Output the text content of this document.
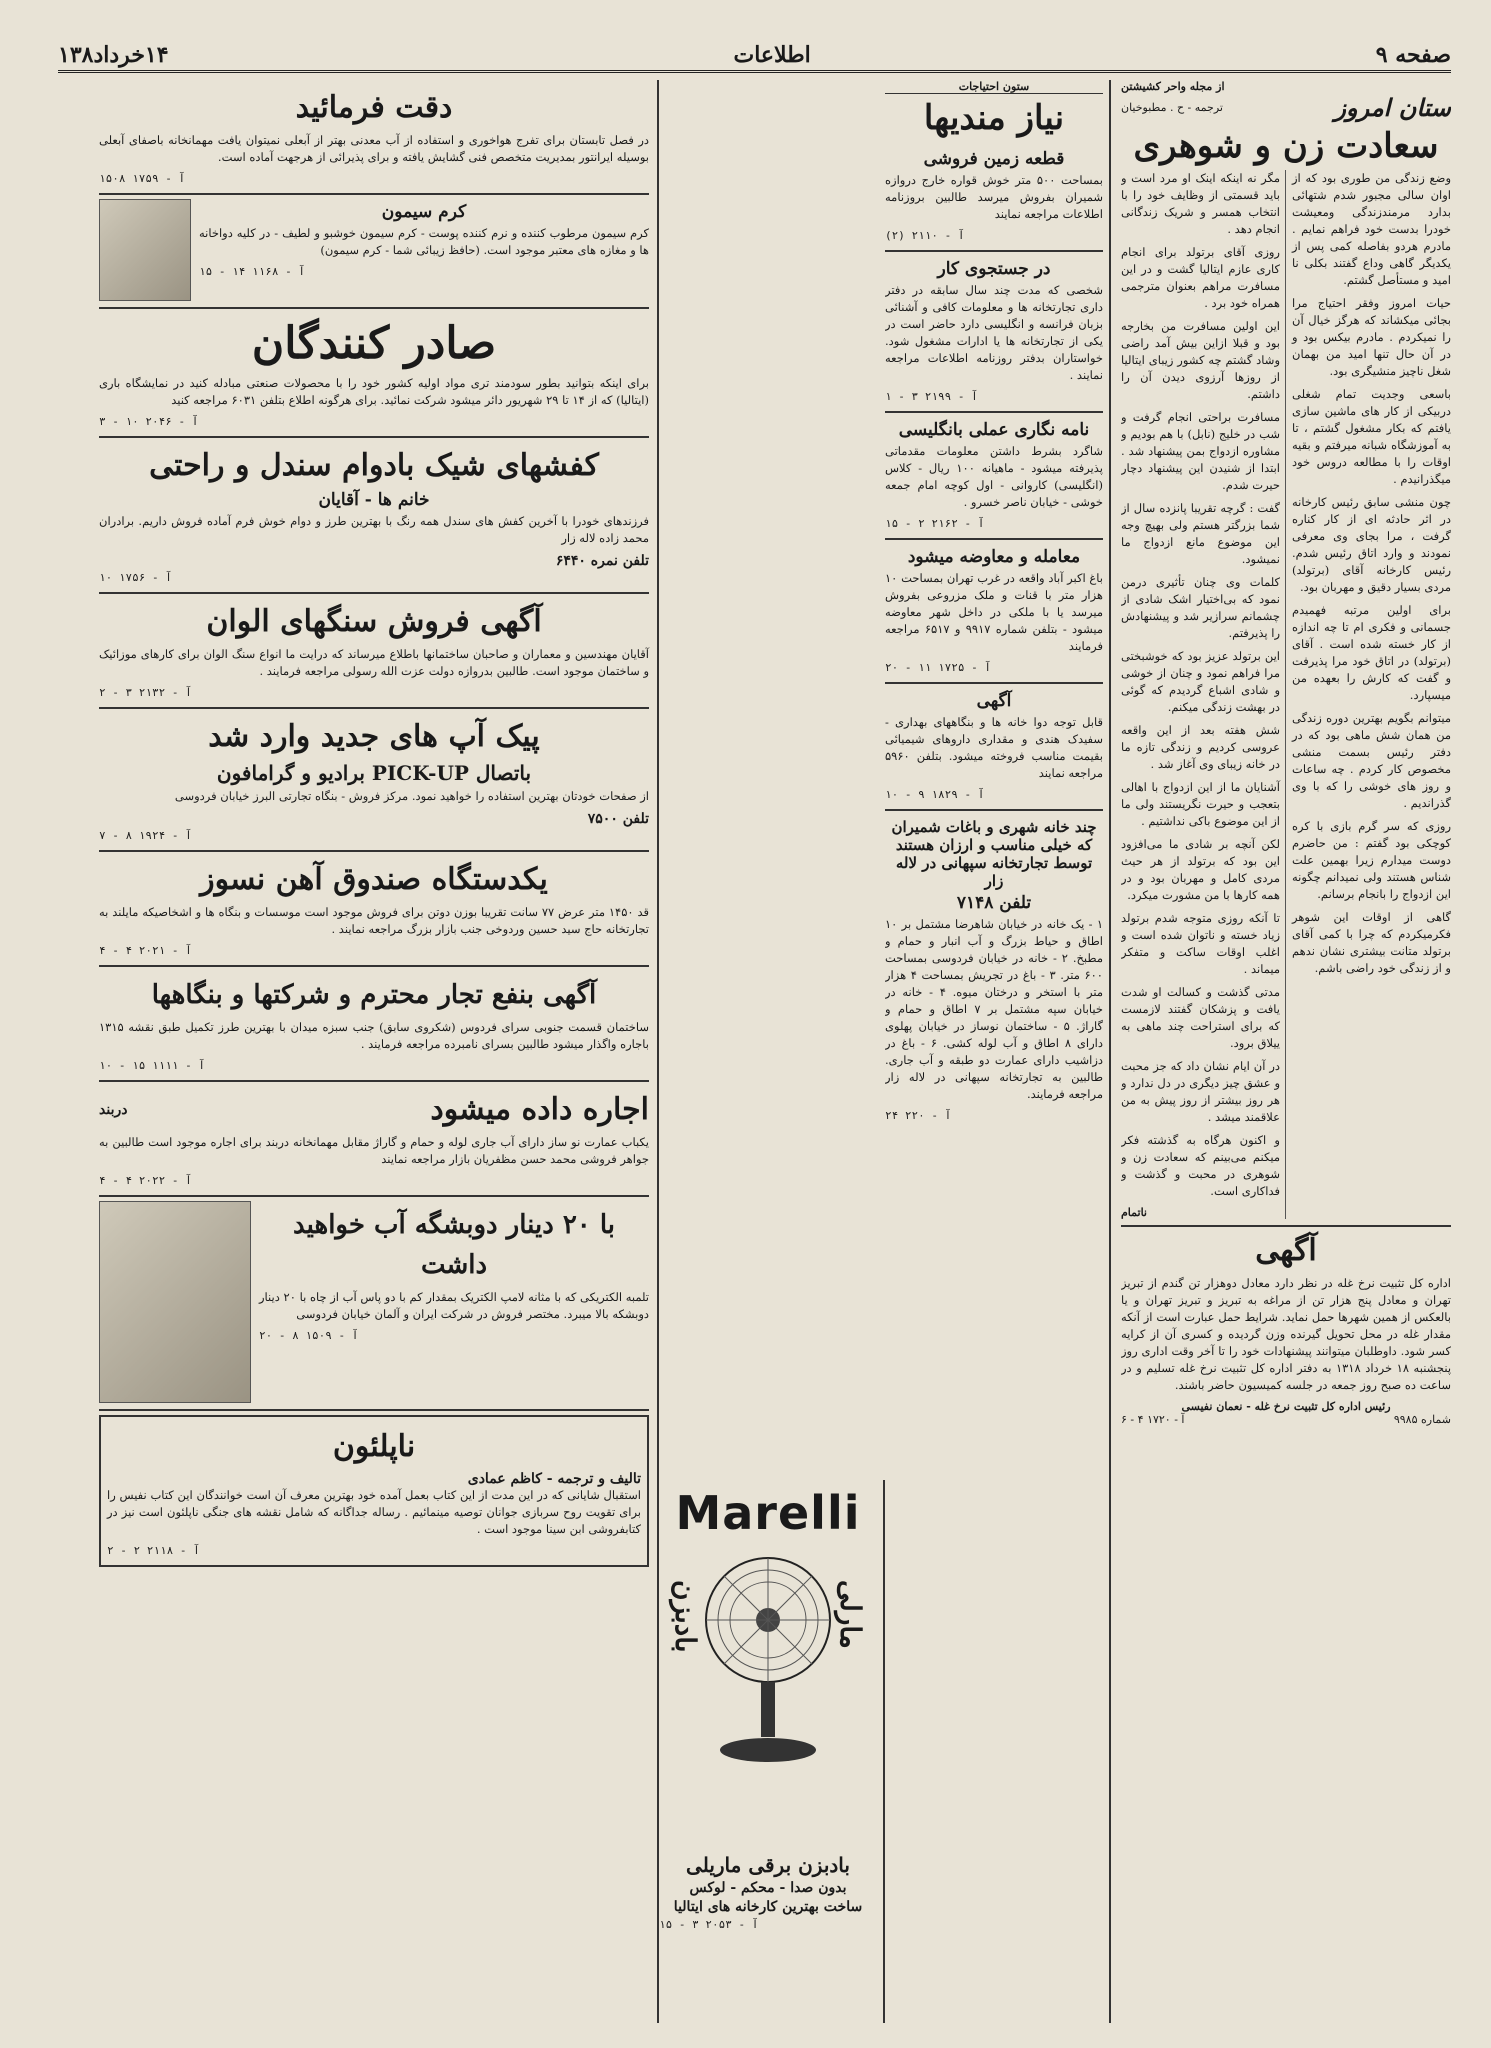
صفحه ۹
اطلاعات
۱۴خرداد۱۳۸
از مجله واحر کشیشتن
ستان امروز
ترجمه - ح . مطبوخیان
سعادت زن و شوهری

وضع زندگی من طوری بود که از اوان سالی مجبور شدم شتهائی بدارد مرمندزندگی ومعیشت خودرا بدست خود فراهم نمایم . مادرم هردو بفاصله کمی پس از یکدیگر گاهی وداع گفتند بکلی نا امید و مستأصل گشتم.

حیات امروز وفقر احتیاج مرا بجائی میکشاند که هرگز خیال آن را نمیکردم . مادرم بیکس بود و در آن حال تنها امید من بهمان شغل ناچیز منشیگری بود.

باسعی وجدیت تمام شغلی دربیکی از کار های ماشین سازی یافتم که بکار مشغول گشتم ، تا به آموزشگاه شبانه میرفتم و بقیه اوقات را با مطالعه دروس خود میگذرانیدم .

چون منشی سابق رئیس کارخانه در اثر حادثه ای از کار کناره گرفت ، مرا بجای وی معرفی نمودند و وارد اتاق رئیس شدم. رئیس کارخانه آقای (برتولد) مردی بسیار دقیق و مهربان بود.

برای اولین مرتبه فهمیدم جسمانی و فکری ام تا چه اندازه از کار خسته شده است . آقای (برتولد) در اتاق خود مرا پذیرفت و گفت که کارش را بعهده من میسپارد.

میتوانم بگویم بهترین دوره زندگی من همان شش ماهی بود که در دفتر رئیس بسمت منشی مخصوص کار کردم . چه ساعات و روز های خوشی را که با وی گذراندیم .

روزی که سر گرم بازی با کره کوچکی بود گفتم : من حاضرم دوست میدارم زیرا بهمین علت شناس هستند ولی نمیدانم چگونه این ازدواج را بانجام برسانم.

گاهی از اوقات این شوهر فکرمیکردم که چرا با کمی آقای برتولد متانت بیشتری نشان ندهم و از زندگی خود راضی باشم.

مگر نه اینکه اینک او مرد است و باید قسمتی از وظایف خود را با انتخاب همسر و شریک زندگانی انجام دهد .

روزی آقای برتولد برای انجام کاری عازم ایتالیا گشت و در این مسافرت مراهم بعنوان مترجمی همراه خود برد .

این اولین مسافرت من بخارجه بود و قبلا ازاین بیش آمد راضی وشاد گشتم چه کشور زیبای ایتالیا از روزها آرزوی دیدن آن را داشتم.

مسافرت براحتی انجام گرفت و شب در خلیج (نابل) با هم بودیم و مشاوره ازدواج بمن پیشنهاد شد . ابتدا از شنیدن این پیشنهاد دچار حیرت شدم.

گفت : گرچه تقریبا پانزده سال از شما بزرگتر هستم ولی بهیچ وجه این موضوع مانع ازدواج ما نمیشود.

کلمات وی چنان تأثیری درمن نمود که بی‌اختیار اشک شادی از چشمانم سرازیر شد و پیشنهادش را پذیرفتم.

این برتولد عزیز بود که خوشبختی مرا فراهم نمود و چنان از خوشی و شادی اشباع گردیدم که گوئی در بهشت زندگی میکنم.

شش هفته بعد از این واقعه عروسی کردیم و زندگی تازه ما در خانه زیبای وی آغاز شد .

آشنایان ما از این ازدواج با اهالی بتعجب و حیرت نگریستند ولی ما از این موضوع باکی نداشتیم .

لکن آنچه بر شادی ما می‌افزود این بود که برتولد از هر حیث مردی کامل و مهربان بود و در همه کارها با من مشورت میکرد.

تا آنکه روزی متوجه شدم برتولد زیاد خسته و ناتوان شده است و اغلب اوقات ساکت و متفکر میماند .

مدتی گذشت و کسالت او شدت یافت و پزشکان گفتند لازمست که برای استراحت چند ماهی به ییلاق برود.

در آن ایام نشان داد که جز محبت و عشق چیز دیگری در دل ندارد و هر روز بیشتر از روز پیش به من علاقمند میشد .

و اکنون هرگاه به گذشته فکر میکنم می‌بینم که سعادت زن و شوهری در محبت و گذشت و فداکاری است.

ناتمام
آگهی

اداره کل تثبیت نرخ غله در نظر دارد معادل دوهزار تن گندم از تبریز تهران و معادل پنج هزار تن از مراغه به تبریز و تبریز تهران و یا بالعکس از همین شهرها حمل نماید. شرایط حمل عبارت است از آنکه مقدار غله در محل تحویل گیرنده وزن گردیده و کسری آن از کرایه کسر شود. داوطلبان میتوانند پیشنهادات خود را تا آخر وقت اداری روز پنجشنبه ۱۸ خرداد ۱۳۱۸ به دفتر اداره کل تثبیت نرخ غله تسلیم و در ساعت ده صبح روز جمعه در جلسه کمیسیون حاضر باشند.

رئیس اداره کل تثبیت نرخ غله - نعمان نفیسی
شماره ۹۹۸۵
آ - ۱۷۲۰ ۴ - ۶
ستون احتیاجات
نیاز مندیها
قطعه زمین فروشی

بمساحت ۵۰۰ متر خوش قواره خارج دروازه شمیران بفروش میرسد طالبین بروزنامه اطلاعات مراجعه نمایند

آ - ۲۱۱۰ (۲)
در جستجوی کار

شخصی که مدت چند سال سابقه در دفتر داری تجارتخانه ها و معلومات کافی و آشنائی بزبان فرانسه و انگلیسی دارد حاضر است در یکی از تجارتخانه ها یا ادارات مشغول شود. خواستاران بدفتر روزنامه اطلاعات مراجعه نمایند .

آ - ۲۱۹۹ ۳ - ۱
نامه نگاری عملی بانگلیسی

شاگرد بشرط داشتن معلومات مقدماتی پذیرفته میشود - ماهیانه ۱۰۰ ریال - کلاس (انگلیسی) کاروانی - اول کوچه امام جمعه خوشی - خیابان ناصر خسرو .

آ - ۲۱۶۲ ۲ - ۱۵
معامله و معاوضه میشود

باغ اکبر آباد واقعه در غرب تهران بمساحت ۱۰ هزار متر با قنات و ملک مزروعی بفروش میرسد یا با ملکی در داخل شهر معاوضه میشود - بتلفن شماره ۹۹۱۷ و ۶۵۱۷ مراجعه فرمایند

آ - ۱۷۲۵ ۱۱ - ۲۰
آگهی

قابل توجه دوا خانه ها و بنگاههای بهداری - سفیدک هندی و مقداری داروهای شیمیائی بقیمت مناسب فروخته میشود. بتلفن ۵۹۶۰ مراجعه نمایند

آ - ۱۸۲۹ ۹ - ۱۰
چند خانه شهری و باغات شمیران که خیلی مناسب و ارزان هستند توسط تجارتخانه سپهانی در لاله زار
تلفن ۷۱۴۸

۱ - یک خانه در خیابان شاهرضا مشتمل بر ۱۰ اطاق و حیاط بزرگ و آب انبار و حمام و مطبخ. ۲ - خانه در خیابان فردوسی بمساحت ۶۰۰ متر. ۳ - باغ در تجریش بمساحت ۴ هزار متر با استخر و درختان میوه. ۴ - خانه در خیابان سپه مشتمل بر ۷ اطاق و حمام و گاراژ. ۵ - ساختمان نوساز در خیابان پهلوی دارای ۸ اطاق و آب لوله کشی. ۶ - باغ در دزاشیب دارای عمارت دو طبقه و آب جاری. طالبین به تجارتخانه سپهانی در لاله زار مراجعه فرمایند.

آ - ۲۲۰ ۲۴
Marelli
مارلی
بادبزن
بادبزن برقی ماریلی
بدون صدا - محکم - لوکس
ساخت بهترین کارخانه های ایتالیا
آ - ۲۰۵۳ ۳ - ۱۵
دقت فرمائید

در فصل تابستان برای تفرج هواخوری و استفاده از آب معدنی بهتر از آبعلی نمیتوان یافت مهمانخانه باصفای آبعلی بوسیله ایرانتور بمدیریت متخصص فنی گشایش یافته و برای پذیرائی از هرجهت آماده است.

آ - ۱۷۵۹ ۱۵۰۸
کرم سیمون

کرم سیمون مرطوب کننده و نرم کننده پوست - کرم سیمون خوشبو و لطیف - در کلیه دواخانه ها و مغازه های معتبر موجود است. (حافظ زیبائی شما - کرم سیمون)

آ - ۱۱۶۸ ۱۴ - ۱۵
صادر کنندگان

برای اینکه بتوانید بطور سودمند تری مواد اولیه کشور خود را با محصولات صنعتی مبادله کنید در نمایشگاه باری (ایتالیا) که از ۱۴ تا ۲۹ شهریور دائر میشود شرکت نمائید. برای هرگونه اطلاع بتلفن ۶۰۳۱ مراجعه کنید

آ - ۲۰۴۶ ۱۰ - ۳
کفشهای شیک بادوام سندل و راحتی
خانم ها - آقایان

فرزندهای خودرا با آخرین کفش های سندل همه رنگ با بهترین طرز و دوام خوش فرم آماده فروش داریم. برادران محمد زاده لاله زار

تلفن نمره ۶۴۴۰
آ - ۱۷۵۶ ۱۰
آگهی فروش سنگهای الوان

آقایان مهندسین و معماران و صاحبان ساختمانها باطلاع میرساند که درایت ما انواع سنگ الوان برای کارهای موزائیک و ساختمان موجود است. طالبین بدروازه دولت عزت الله رسولی مراجعه فرمایند .

آ - ۲۱۳۲ ۳ - ۲
پیک آپ های جدید وارد شد
باتصال PICK-UP برادیو و گرامافون

از صفحات خودتان بهترین استفاده را خواهید نمود. مرکز فروش - بنگاه تجارتی البرز خیابان فردوسی

تلفن ۷۵۰۰
آ - ۱۹۲۴ ۸ - ۷
یکدستگاه صندوق آهن نسوز

قد ۱۴۵۰ متر عرض ۷۷ سانت تقریبا بوزن دوتن برای فروش موجود است موسسات و بنگاه ها و اشخاصیکه مایلند به تجارتخانه حاج سید حسین وردوخی جنب بازار بزرگ مراجعه نمایند .

آ - ۲۰۲۱ ۴ - ۴
آگهی بنفع تجار محترم و شرکتها و بنگاهها

ساختمان قسمت جنوبی سرای فردوس (شکروی سابق) جنب سبزه میدان با بهترین طرز تکمیل طبق نقشه ۱۳۱۵ باجاره واگذار میشود طالبین بسرای نامبرده مراجعه فرمایند .

آ - ۱۱۱۱ ۱۵ - ۱۰
اجاره داده میشود
دربند

یکباب عمارت نو ساز دارای آب جاری لوله و حمام و گاراژ مقابل مهمانخانه دربند برای اجاره موجود است طالبین به جواهر فروشی محمد حسن مظفریان بازار مراجعه نمایند

آ - ۲۰۲۲ ۴ - ۴
با ۲۰ دینار دوبشگه آب خواهید داشت

تلمبه الکتریکی که با مثانه لامپ الکتریک بمقدار کم با دو پاس آب از چاه با ۲۰ دینار دوبشکه بالا میبرد. مختصر فروش در شرکت ایران و آلمان خیابان فردوسی

آ - ۱۵۰۹ ۸ - ۲۰
ناپلئون
تالیف و ترجمه - کاظم عمادی

استقبال شایانی که در این مدت از این کتاب بعمل آمده خود بهترین معرف آن است خوانندگان این کتاب نفیس را برای تقویت روح سربازی جوانان توصیه مینمائیم . رساله جداگانه که شامل نقشه های جنگی ناپلئون است نیز در کتابفروشی ابن سینا موجود است .

آ - ۲۱۱۸ ۲ - ۲
